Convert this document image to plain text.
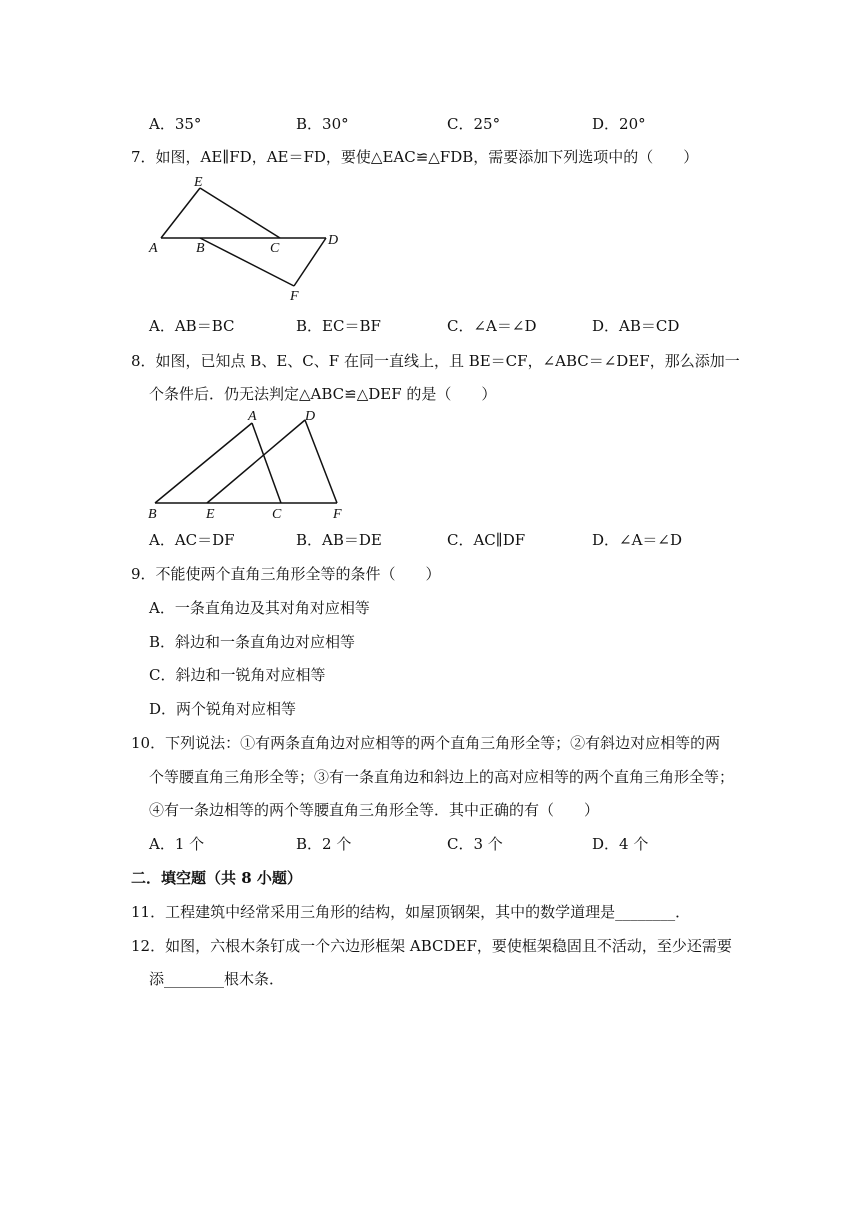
A．35°	B．30°	C．25°	D．20°
7．如图，AE∥FD，AE＝FD，要使△EAC≌△FDB，需要添加下列选项中的（　　）
E
A	B	C
D
F
A．AB＝BC	B．EC＝BF	C．∠A＝∠D	D．AB＝CD
8．如图，已知点 B、E、C、F 在同一直线上，且 BE＝CF，∠ABC＝∠DEF，那么添加一
个条件后．仍无法判定△ABC≌△DEF 的是（　　）
A	D
B	E	C	F
A．AC＝DF	B．AB＝DE	C．AC∥DF	D．∠A＝∠D
9．不能使两个直角三角形全等的条件（　　）
A．一条直角边及其对角对应相等
B．斜边和一条直角边对应相等
C．斜边和一锐角对应相等
D．两个锐角对应相等
10．下列说法：①有两条直角边对应相等的两个直角三角形全等；②有斜边对应相等的两
个等腰直角三角形全等；③有一条直角边和斜边上的高对应相等的两个直角三角形全等；
④有一条边相等的两个等腰直角三角形全等．其中正确的有（　　）
A．1 个	B．2 个	C．3 个	D．4 个
二．填空题（共 8 小题）
11．工程建筑中经常采用三角形的结构，如屋顶钢架，其中的数学道理是________．
12．如图，六根木条钉成一个六边形框架 ABCDEF，要使框架稳固且不活动，至少还需要
添________根木条．
